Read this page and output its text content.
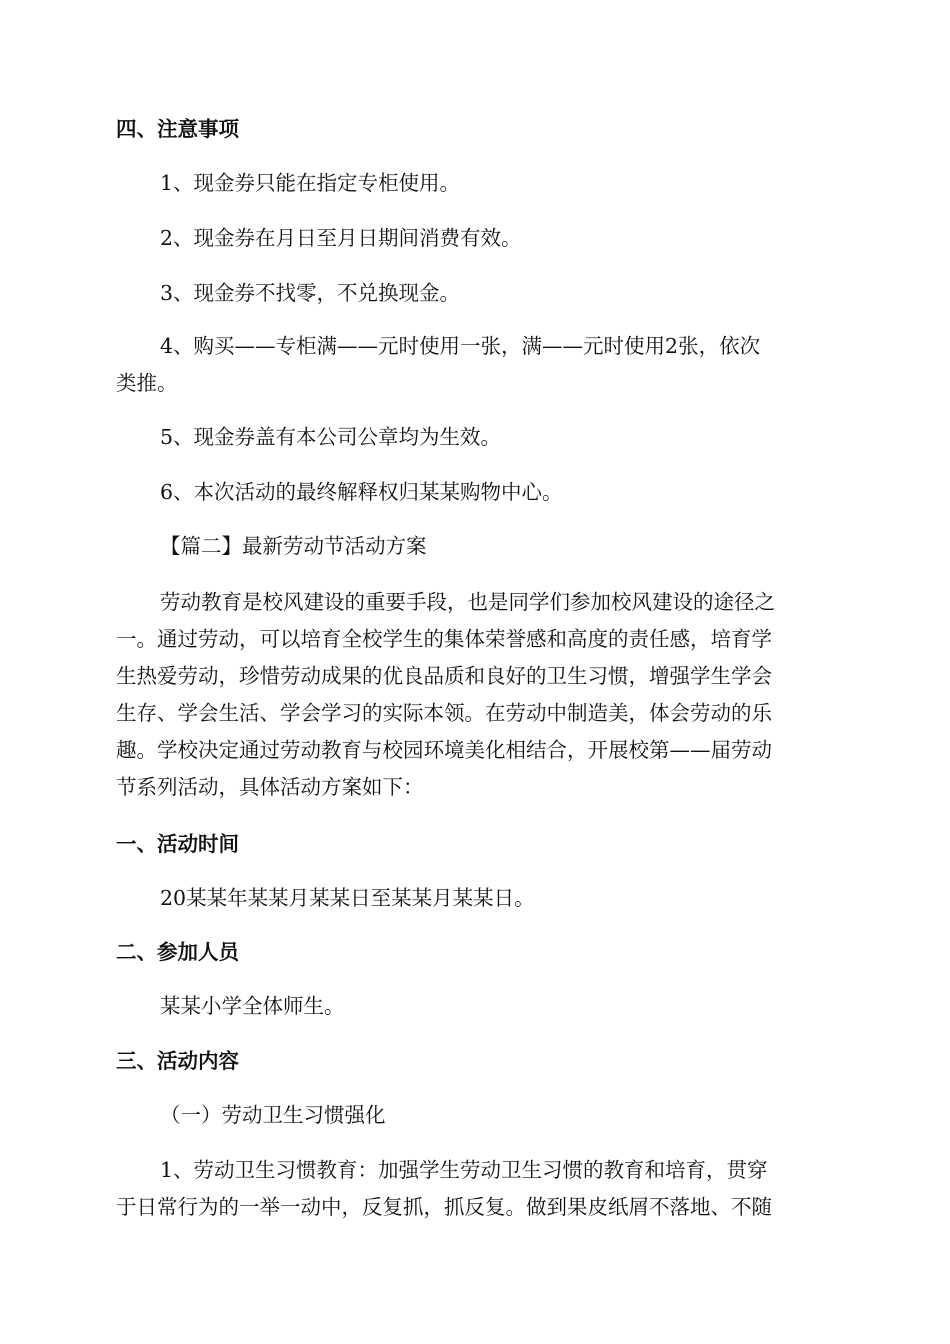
四、注意事项

1、现金券只能在指定专柜使用。

2、现金券在月日至月日期间消费有效。

3、现金券不找零，不兑换现金。

4、购买——专柜满——元时使用一张，满——元时使用2张，依次

类推。

5、现金券盖有本公司公章均为生效。

6、本次活动的最终解释权归某某购物中心。

【篇二】最新劳动节活动方案

劳动教育是校风建设的重要手段，也是同学们参加校风建设的途径之

一。通过劳动，可以培育全校学生的集体荣誉感和高度的责任感，培育学

生热爱劳动，珍惜劳动成果的优良品质和良好的卫生习惯，增强学生学会

生存、学会生活、学会学习的实际本领。在劳动中制造美，体会劳动的乐

趣。学校决定通过劳动教育与校园环境美化相结合，开展校第——届劳动

节系列活动，具体活动方案如下：

一、活动时间

20某某年某某月某某日至某某月某某日。

二、参加人员

某某小学全体师生。

三、活动内容

（一）劳动卫生习惯强化

1、劳动卫生习惯教育：加强学生劳动卫生习惯的教育和培育，贯穿

于日常行为的一举一动中，反复抓，抓反复。做到果皮纸屑不落地、不随
